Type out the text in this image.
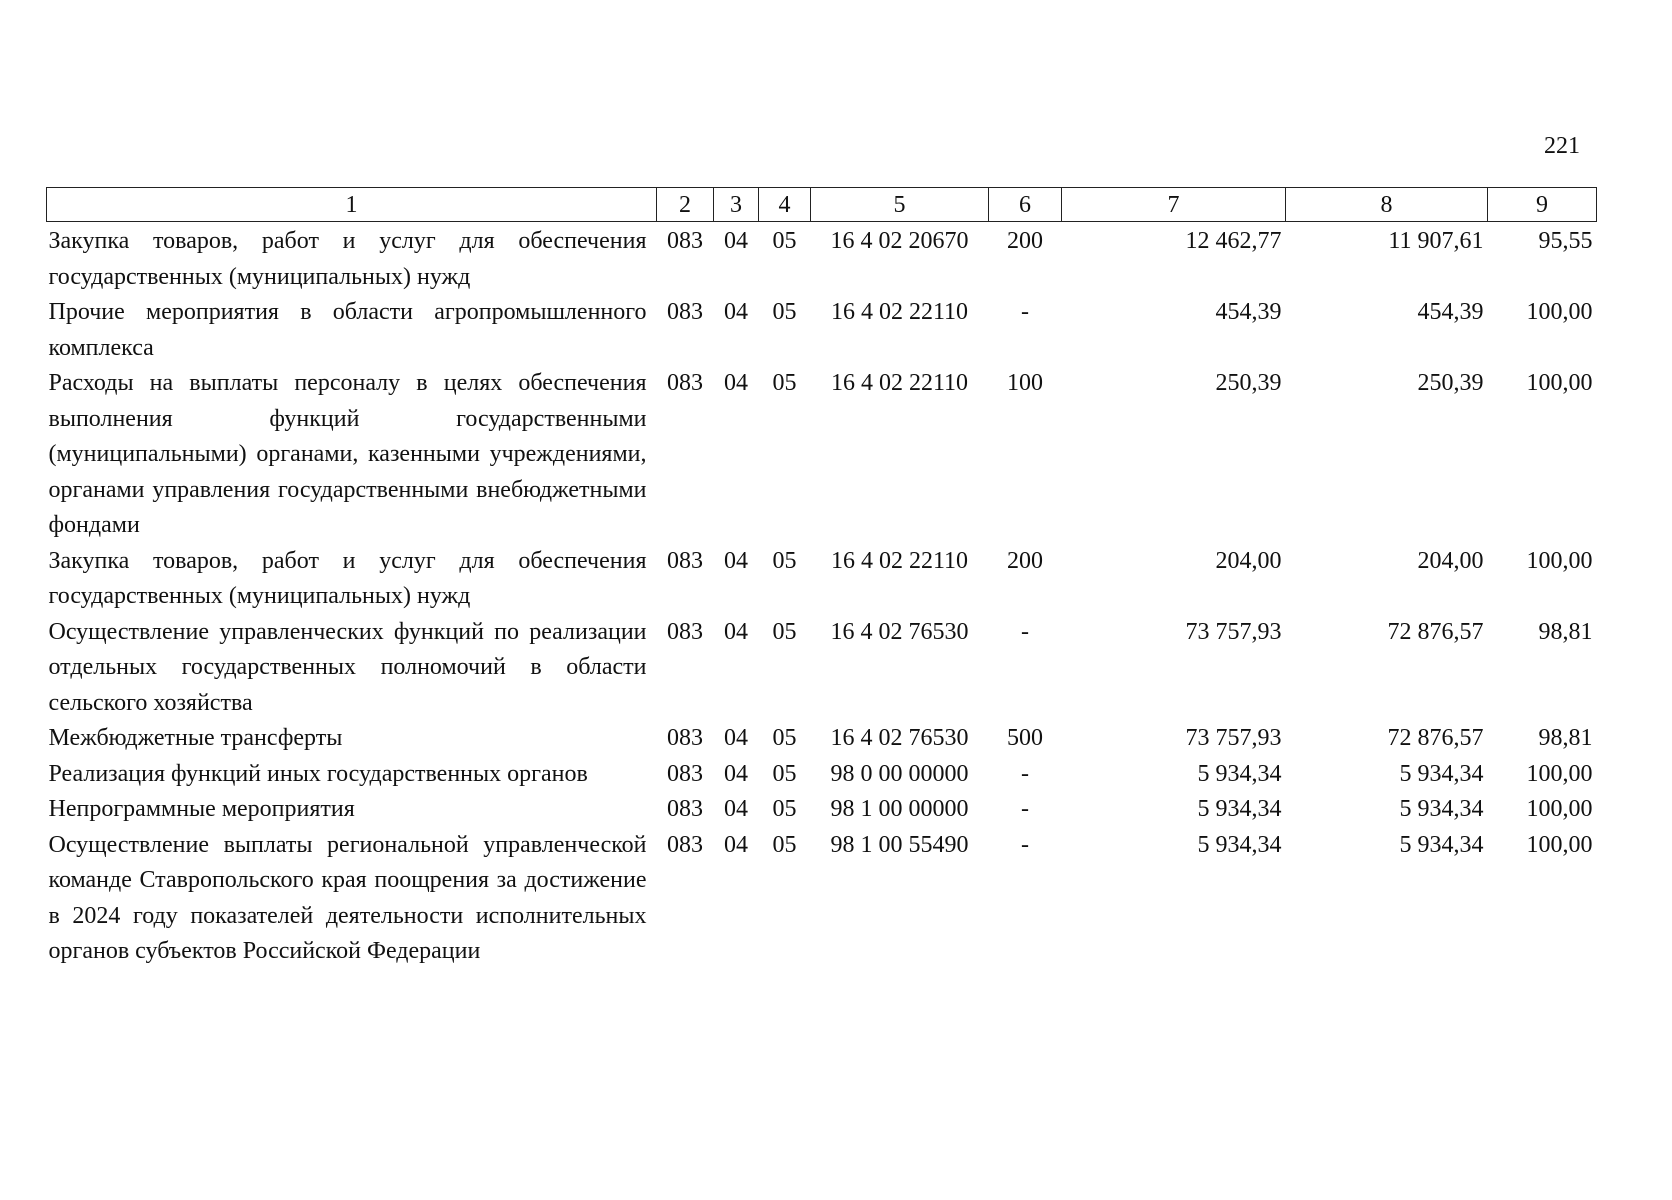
221
1	2	3	4	5	6	7	8	9
Закупка товаров, работ и услуг для обеспечения государственных (муниципальных) нужд	083	04	05	16 4 02 20670	200	12 462,77	11 907,61	95,55
Прочие мероприятия в области агропромышленного комплекса	083	04	05	16 4 02 22110	-	454,39	454,39	100,00
Расходы на выплаты персоналу в целях обеспечения выполнения функций государственными (муниципальными) органами, казенными учреждениями, органами управления государственными внебюджетными фондами	083	04	05	16 4 02 22110	100	250,39	250,39	100,00
Закупка товаров, работ и услуг для обеспечения государственных (муниципальных) нужд	083	04	05	16 4 02 22110	200	204,00	204,00	100,00
Осуществление управленческих функций по реализации отдельных государственных полномочий в области сельского хозяйства	083	04	05	16 4 02 76530	-	73 757,93	72 876,57	98,81
Межбюджетные трансферты	083	04	05	16 4 02 76530	500	73 757,93	72 876,57	98,81
Реализация функций иных государственных органов	083	04	05	98 0 00 00000	-	5 934,34	5 934,34	100,00
Непрограммные мероприятия	083	04	05	98 1 00 00000	-	5 934,34	5 934,34	100,00
Осуществление выплаты региональной управленческой команде Ставропольского края поощрения за достижение в 2024 году показателей деятельности исполнительных органов субъектов Российской Федерации	083	04	05	98 1 00 55490	-	5 934,34	5 934,34	100,00
